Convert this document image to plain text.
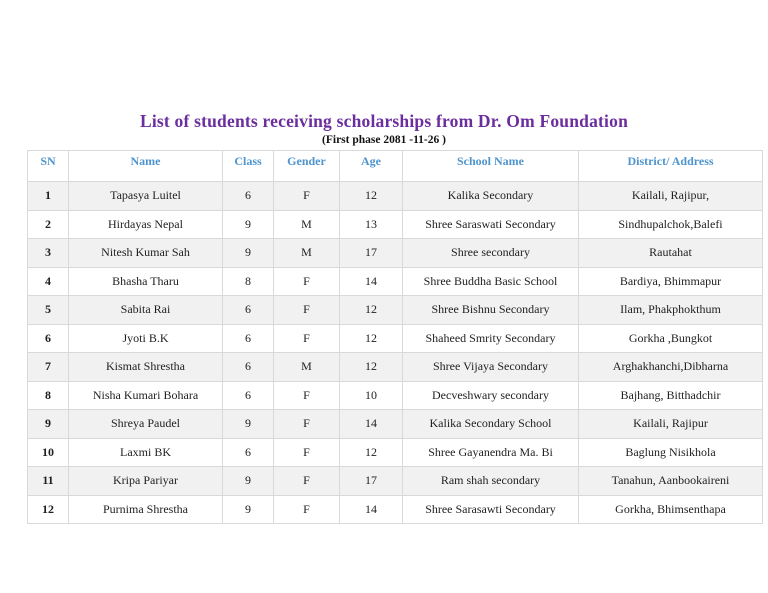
List of students receiving scholarships from Dr. Om Foundation
(First phase 2081 -11-26 )
SN	Name	Class	Gender	Age	School Name	District/ Address
1	Tapasya Luitel	6	F	12	Kalika Secondary	Kailali, Rajipur,
2	Hirdayas Nepal	9	M	13	Shree Saraswati Secondary	Sindhupalchok,Balefi
3	Nitesh Kumar Sah	9	M	17	Shree secondary	Rautahat
4	Bhasha Tharu	8	F	14	Shree Buddha Basic School	Bardiya, Bhimmapur
5	Sabita Rai	6	F	12	Shree Bishnu Secondary	Ilam, Phakphokthum
6	Jyoti B.K	6	F	12	Shaheed Smrity Secondary	Gorkha ,Bungkot
7	Kismat Shrestha	6	M	12	Shree Vijaya Secondary	Arghakhanchi,Dibharna
8	Nisha Kumari Bohara	6	F	10	Decveshwary secondary	Bajhang, Bitthadchir
9	Shreya Paudel	9	F	14	Kalika Secondary School	Kailali, Rajipur
10	Laxmi BK	6	F	12	Shree Gayanendra Ma. Bi	Baglung Nisikhola
11	Kripa Pariyar	9	F	17	Ram shah secondary	Tanahun, Aanbookaireni
12	Purnima Shrestha	9	F	14	Shree Sarasawti Secondary	Gorkha, Bhimsenthapa
